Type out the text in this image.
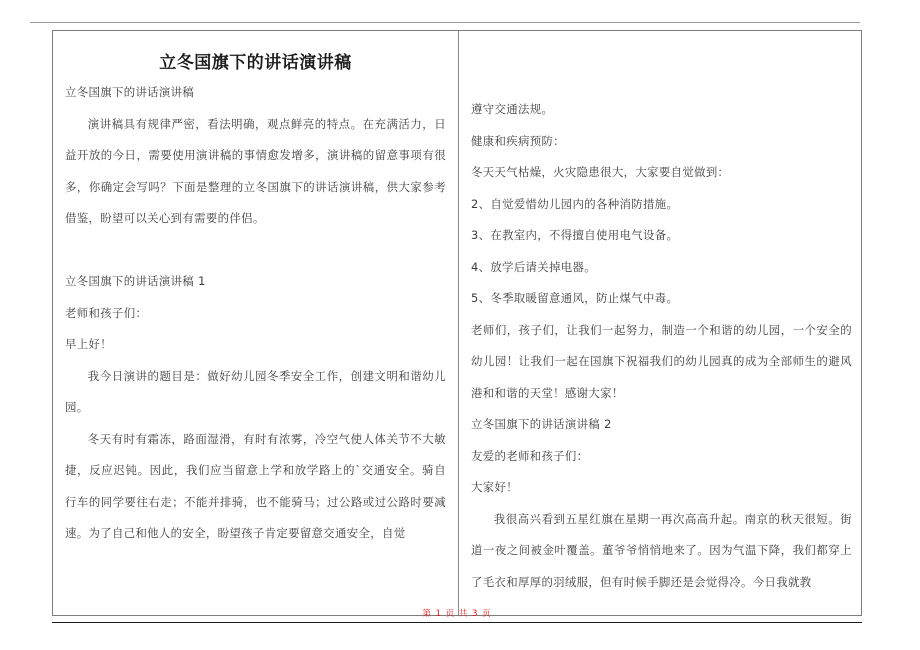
立冬国旗下的讲话演讲稿

立冬国旗下的讲话演讲稿

演讲稿具有规律严密，看法明确，观点鲜亮的特点。在充满活力，日益开放的今日，需要使用演讲稿的事情愈发增多，演讲稿的留意事项有很多，你确定会写吗？下面是整理的立冬国旗下的讲话演讲稿，供大家参考借鉴，盼望可以关心到有需要的伴侣。

立冬国旗下的讲话演讲稿 1

老师和孩子们：

早上好！

我今日演讲的题目是：做好幼儿园冬季安全工作，创建文明和谐幼儿园。

冬天有时有霜冻，路面湿滑，有时有浓雾，冷空气使人体关节不大敏捷，反应迟钝。因此，我们应当留意上学和放学路上的`交通安全。骑自行车的同学要往右走；不能并排骑，也不能骑马；过公路或过公路时要减速。为了自己和他人的安全，盼望孩子肯定要留意交通安全，自觉

遵守交通法规。

健康和疾病预防：

冬天天气枯燥，火灾隐患很大，大家要自觉做到：

2、自觉爱惜幼儿园内的各种消防措施。

3、在教室内，不得擅自使用电气设备。

4、放学后请关掉电器。

5、冬季取暖留意通风，防止煤气中毒。

老师们，孩子们，让我们一起努力，制造一个和谐的幼儿园，一个安全的幼儿园！让我们一起在国旗下祝福我们的幼儿园真的成为全部师生的避风港和和谐的天堂！感谢大家！

立冬国旗下的讲话演讲稿 2

友爱的老师和孩子们：

大家好！

我很高兴看到五星红旗在星期一再次高高升起。南京的秋天很短。街道一夜之间被金叶覆盖。董爷爷悄悄地来了。因为气温下降，我们都穿上了毛衣和厚厚的羽绒服，但有时候手脚还是会觉得冷。今日我就教

第 1 页 共 3 页
